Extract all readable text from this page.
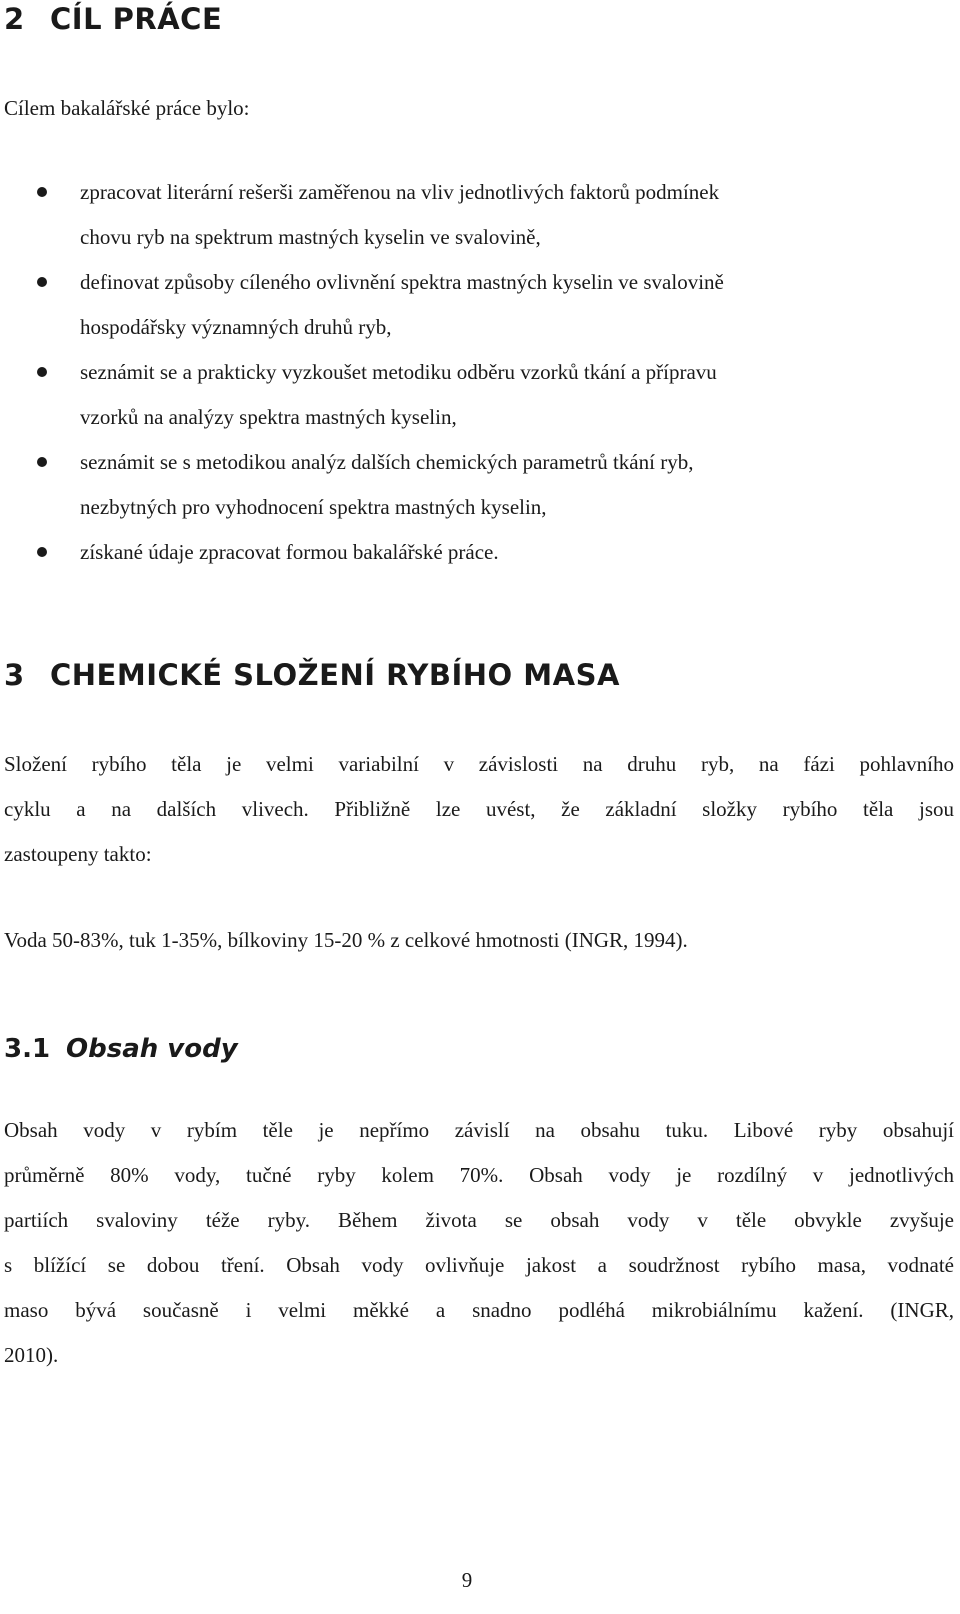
2 CÍL PRÁCE

Cílem bakalářské práce bylo:

zpracovat literární rešerši zaměřenou na vliv jednotlivých faktorů podmínek
chovu ryb na spektrum mastných kyselin ve svalovině,
definovat způsoby cíleného ovlivnění spektra mastných kyselin ve svalovině
hospodářsky významných druhů ryb,
seznámit se a prakticky vyzkoušet metodiku odběru vzorků tkání a přípravu
vzorků na analýzy spektra mastných kyselin,
seznámit se s metodikou analýz dalších chemických parametrů tkání ryb,
nezbytných pro vyhodnocení spektra mastných kyselin,
získané údaje zpracovat formou bakalářské práce.
3 CHEMICKÉ SLOŽENÍ RYBÍHO MASA
Složení rybího těla je velmi variabilní v závislosti na druhu ryb, na fázi pohlavního
cyklu a na dalších vlivech. Přibližně lze uvést, že základní složky rybího těla jsou
zastoupeny takto:

Voda 50-83%, tuk 1-35%, bílkoviny 15-20 % z celkové hmotnosti (INGR, 1994).

3.1 Obsah vody
Obsah vody v rybím těle je nepřímo závislí na obsahu tuku. Libové ryby obsahují
průměrně 80% vody, tučné ryby kolem 70%. Obsah vody je rozdílný v jednotlivých
partiích svaloviny téže ryby. Během života se obsah vody v těle obvykle zvyšuje
s blížící se dobou tření. Obsah vody ovlivňuje jakost a soudržnost rybího masa, vodnaté
maso bývá současně i velmi měkké a snadno podléhá mikrobiálnímu kažení. (INGR,
2010).
9
